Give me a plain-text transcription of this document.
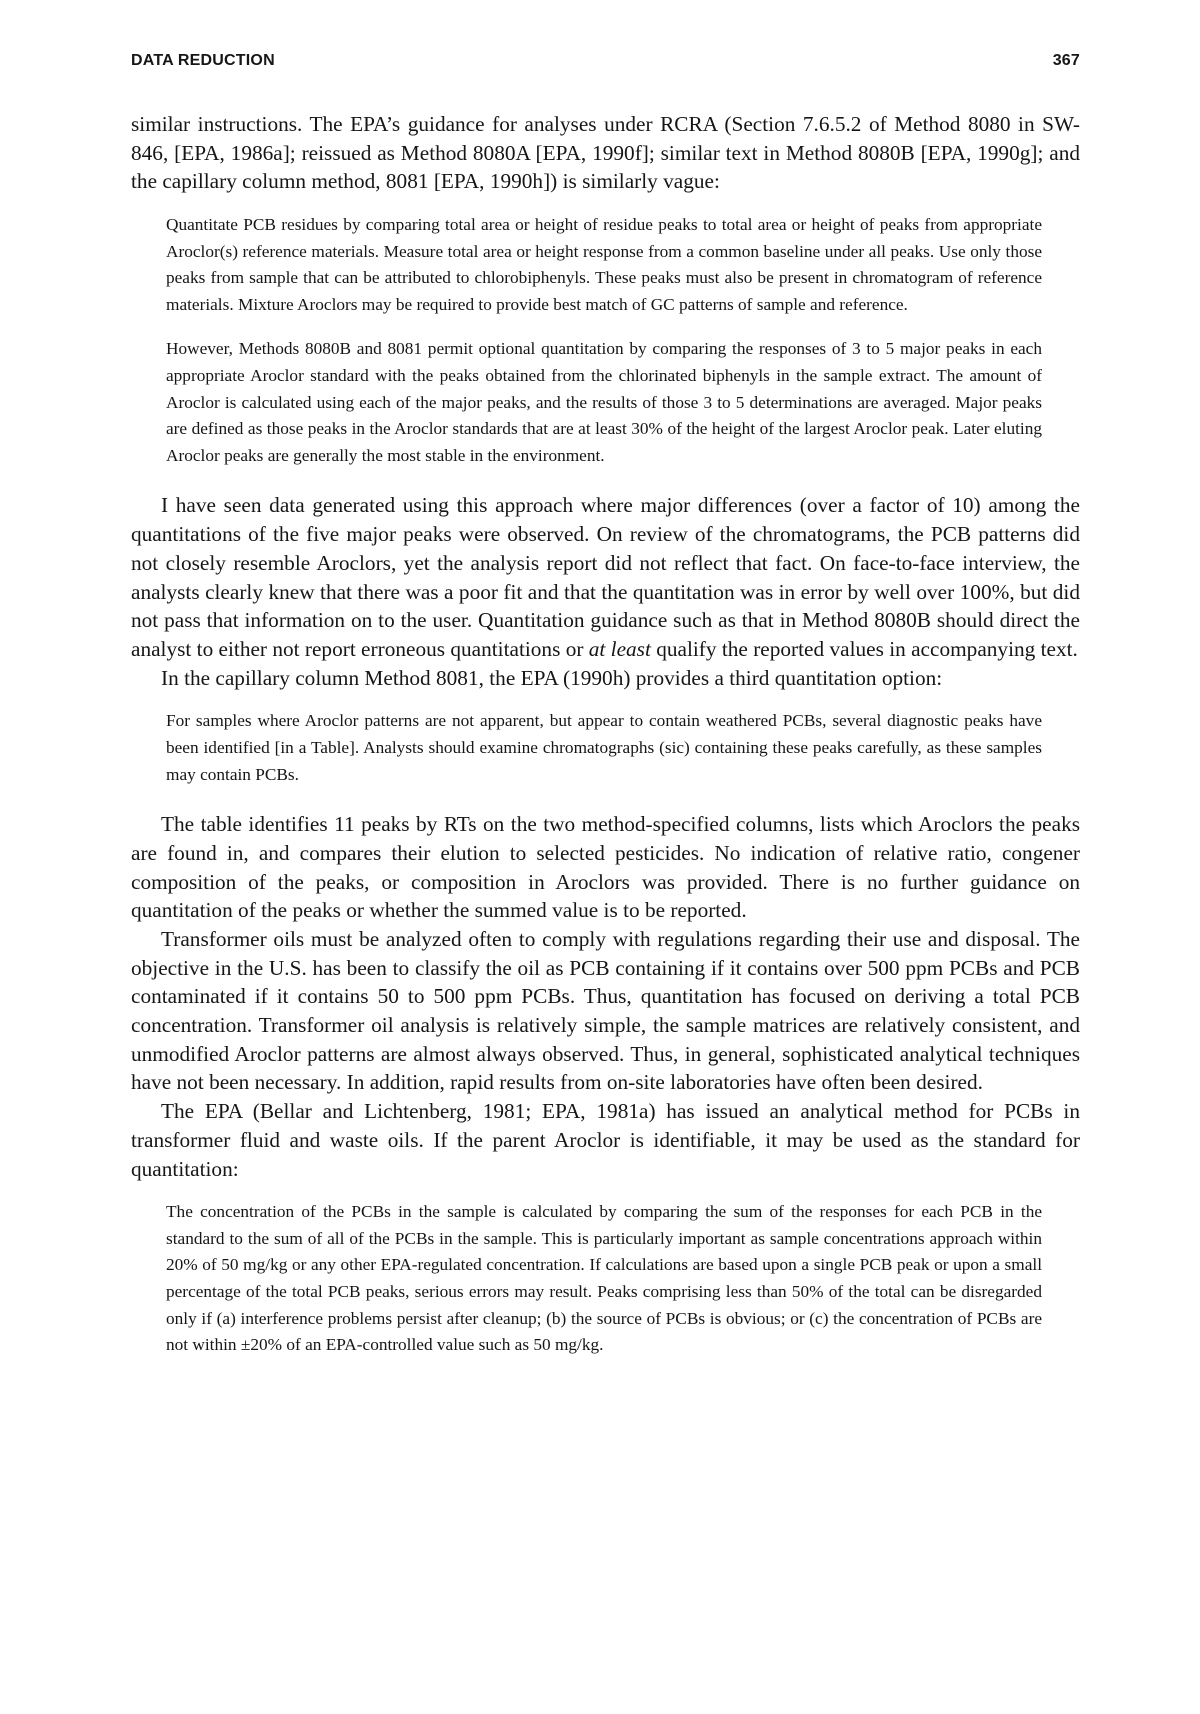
DATA REDUCTION	367

similar instructions. The EPA’s guidance for analyses under RCRA (Section 7.6.5.2 of Method 8080 in SW-846, [EPA, 1986a]; reissued as Method 8080A [EPA, 1990f]; similar text in Method 8080B [EPA, 1990g]; and the capillary column method, 8081 [EPA, 1990h]) is similarly vague:

Quantitate PCB residues by comparing total area or height of residue peaks to total area or height of peaks from appropriate Aroclor(s) reference materials. Measure total area or height response from a common baseline under all peaks. Use only those peaks from sample that can be attributed to chlorobiphenyls. These peaks must also be present in chromatogram of reference materials. Mixture Aroclors may be required to provide best match of GC patterns of sample and reference.

However, Methods 8080B and 8081 permit optional quantitation by comparing the responses of 3 to 5 major peaks in each appropriate Aroclor standard with the peaks obtained from the chlorinated biphenyls in the sample extract. The amount of Aroclor is calculated using each of the major peaks, and the results of those 3 to 5 determinations are averaged. Major peaks are defined as those peaks in the Aroclor standards that are at least 30% of the height of the largest Aroclor peak. Later eluting Aroclor peaks are generally the most stable in the environment.

I have seen data generated using this approach where major differences (over a factor of 10) among the quantitations of the five major peaks were observed. On review of the chromatograms, the PCB patterns did not closely resemble Aroclors, yet the analysis report did not reflect that fact. On face-to-face interview, the analysts clearly knew that there was a poor fit and that the quantitation was in error by well over 100%, but did not pass that information on to the user. Quantitation guidance such as that in Method 8080B should direct the analyst to either not report erroneous quantitations or at least qualify the reported values in accompanying text.

In the capillary column Method 8081, the EPA (1990h) provides a third quantitation option:

For samples where Aroclor patterns are not apparent, but appear to contain weathered PCBs, several diagnostic peaks have been identified [in a Table]. Analysts should examine chromatographs (sic) containing these peaks carefully, as these samples may contain PCBs.

The table identifies 11 peaks by RTs on the two method-specified columns, lists which Aroclors the peaks are found in, and compares their elution to selected pesticides. No indication of relative ratio, congener composition of the peaks, or composition in Aroclors was provided. There is no further guidance on quantitation of the peaks or whether the summed value is to be reported.

Transformer oils must be analyzed often to comply with regulations regarding their use and disposal. The objective in the U.S. has been to classify the oil as PCB containing if it contains over 500 ppm PCBs and PCB contaminated if it contains 50 to 500 ppm PCBs. Thus, quantitation has focused on deriving a total PCB concentration. Transformer oil analysis is relatively simple, the sample matrices are relatively consistent, and unmodified Aroclor patterns are almost always observed. Thus, in general, sophisticated analytical techniques have not been necessary. In addition, rapid results from on-site laboratories have often been desired.

The EPA (Bellar and Lichtenberg, 1981; EPA, 1981a) has issued an analytical method for PCBs in transformer fluid and waste oils. If the parent Aroclor is identifiable, it may be used as the standard for quantitation:

The concentration of the PCBs in the sample is calculated by comparing the sum of the responses for each PCB in the standard to the sum of all of the PCBs in the sample. This is particularly important as sample concentrations approach within 20% of 50 mg/kg or any other EPA-regulated concentration. If calculations are based upon a single PCB peak or upon a small percentage of the total PCB peaks, serious errors may result. Peaks comprising less than 50% of the total can be disregarded only if (a) interference problems persist after cleanup; (b) the source of PCBs is obvious; or (c) the concentration of PCBs are not within ±20% of an EPA-controlled value such as 50 mg/kg.
